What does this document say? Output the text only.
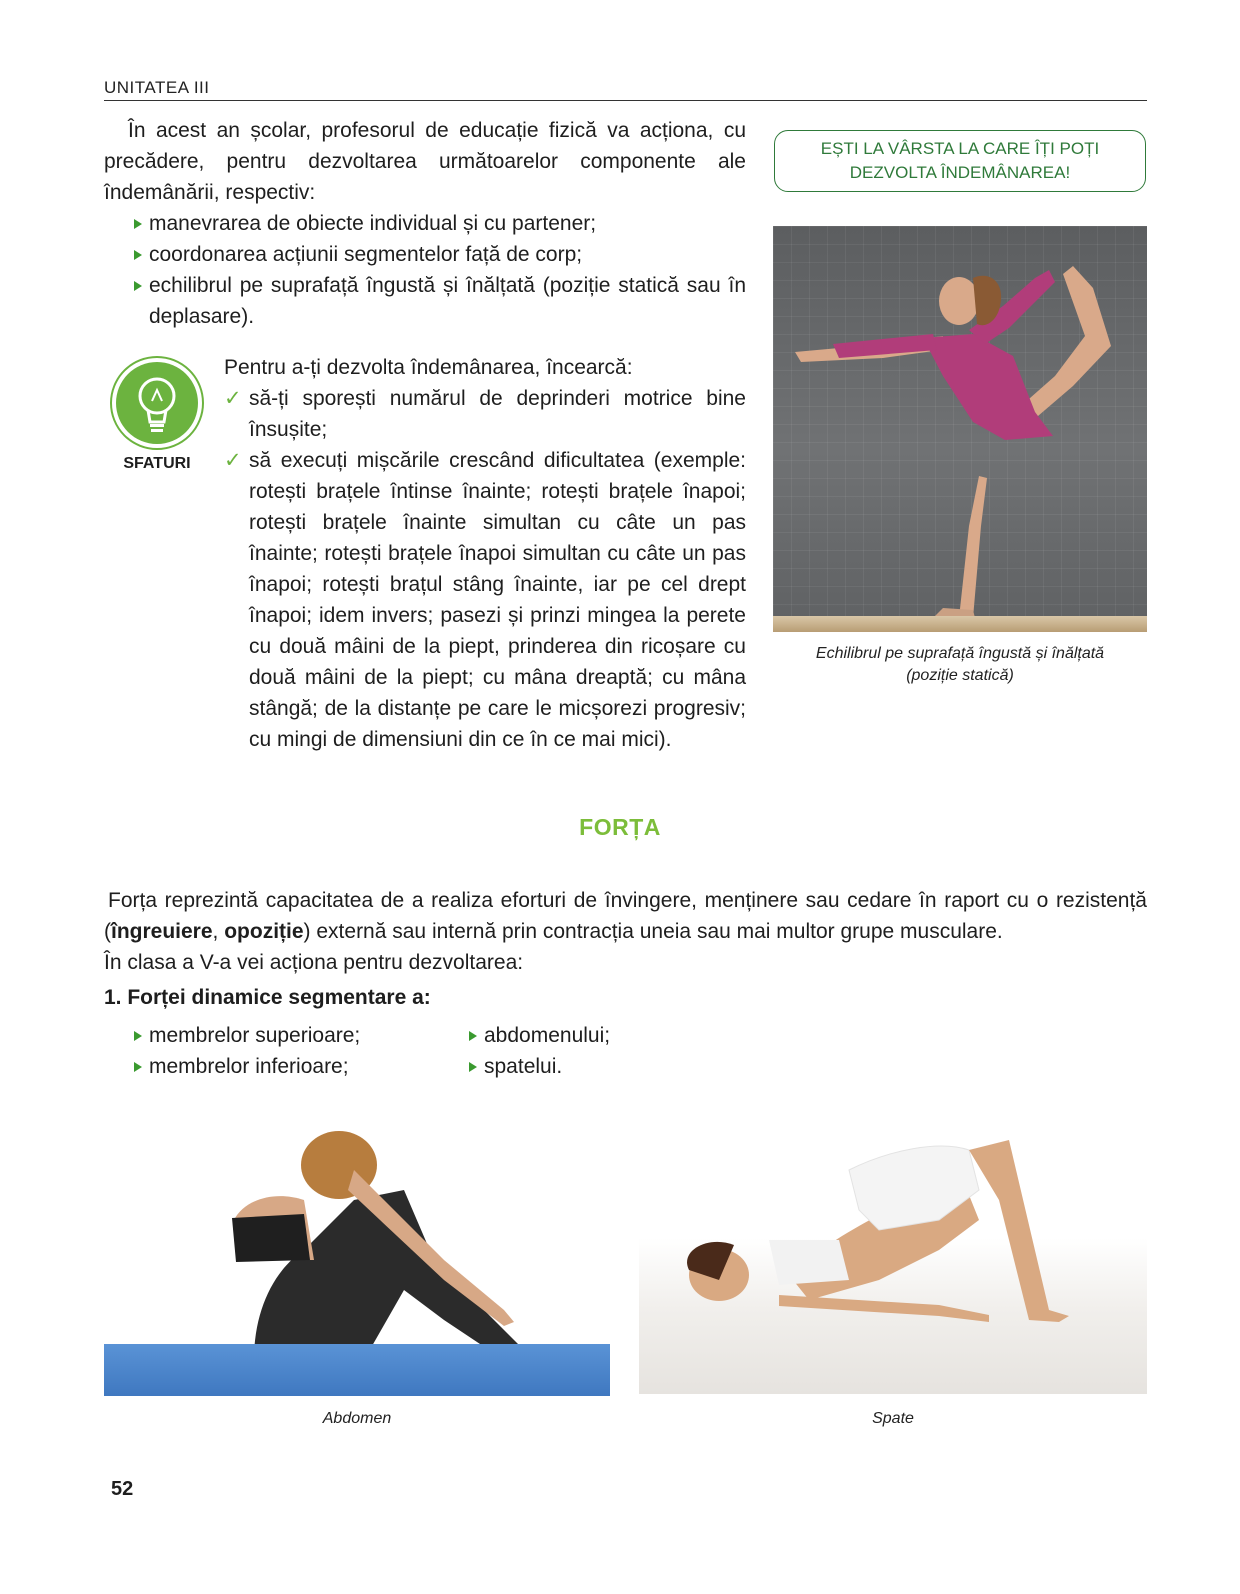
UNITATEA III

În acest an școlar, profesorul de educație fizică va acționa, cu precădere, pentru dezvoltarea următoarelor componente ale îndemânării, respectiv:

manevrarea de obiecte individual și cu partener;
coordonarea acțiunii segmentelor față de corp;
echilibrul pe suprafață îngustă și înălțată (poziție statică sau în deplasare).
EȘTI LA VÂRSTA LA CARE ÎȚI POȚI DEZVOLTA ÎNDEMÂNAREA!
Echilibrul pe suprafață îngustă și înălțată
(poziție statică)
SFATURI

Pentru a-ți dezvolta îndemânarea, încearcă:

✓ să-ți sporești numărul de deprinderi motrice bine însușite;
✓ să execuți mișcările crescând dificultatea (exemple: rotești brațele întinse înainte; rotești brațele înapoi; rotești brațele înainte simultan cu câte un pas înainte; rotești brațele înapoi simultan cu câte un pas înapoi; rotești brațul stâng înainte, iar pe cel drept înapoi; idem invers; pasezi și prinzi mingea la perete cu două mâini de la piept, prinderea din ricoșare cu două mâini de la piept; cu mâna dreaptă; cu mâna stângă; de la distanțe pe care le micșorezi progresiv; cu mingi de dimensiuni din ce în ce mai mici).
FORȚA

Forța reprezintă capacitatea de a realiza eforturi de învingere, menținere sau cedare în raport cu o rezistență (îngreuiere, opoziție) externă sau internă prin contracția uneia sau mai multor grupe musculare.

În clasa a V-a vei acționa pentru dezvoltarea:

1. Forței dinamice segmentare a:
membrelor superioare;
membrelor inferioare;
abdomenului;
spatelui.
Abdomen	Spate
52
